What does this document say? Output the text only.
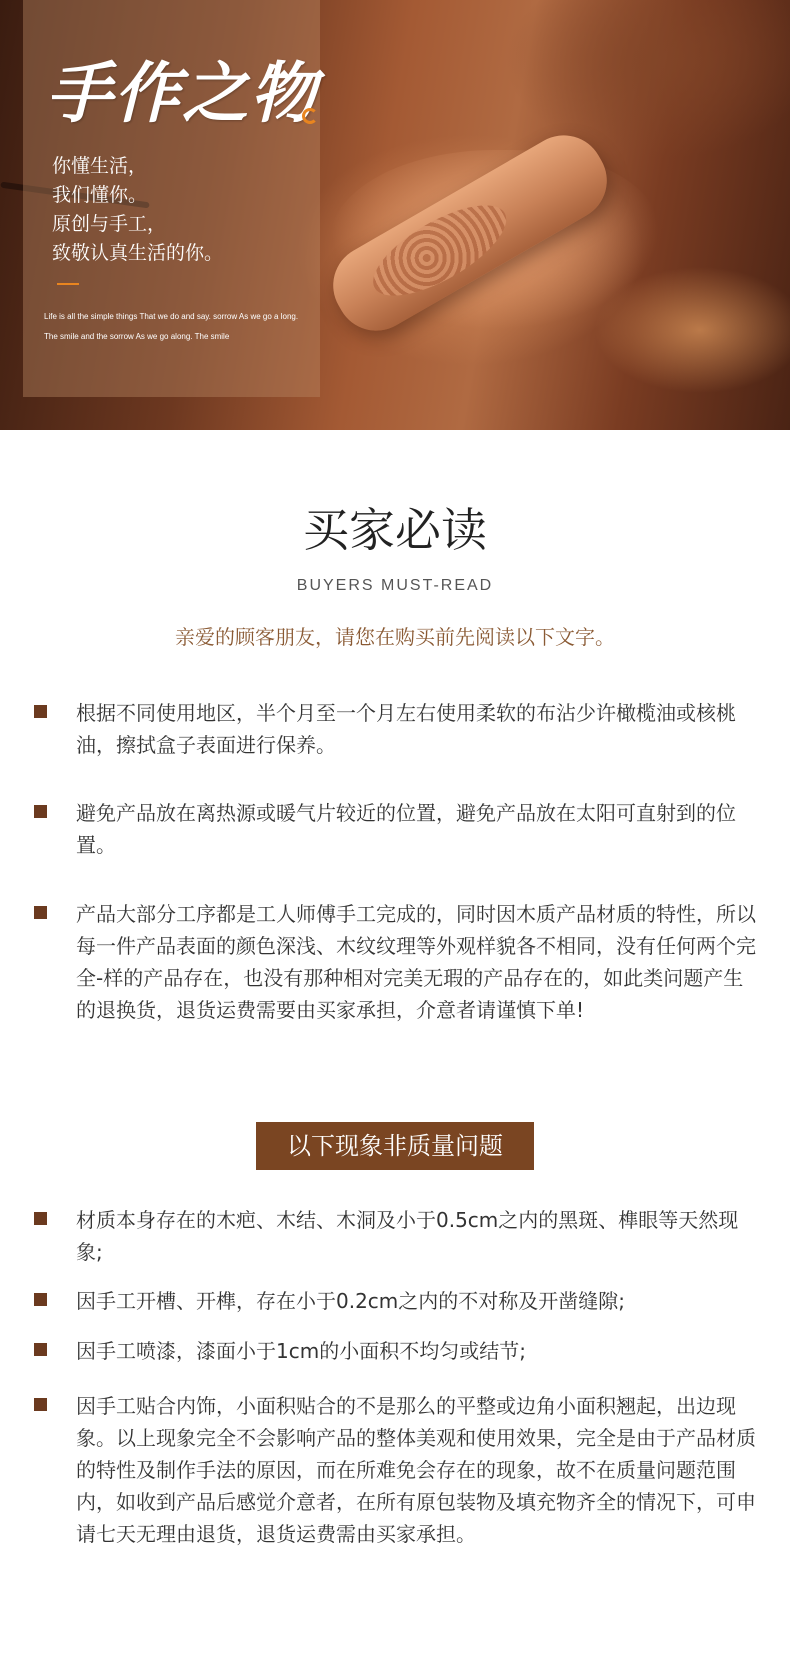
手作之物
你懂生活，
我们懂你。
原创与手工，
致敬认真生活的你。

Life is all the simple things That we do and say. sorrow As we go a long. The smile and the sorrow As we go along. The smile

买家必读
BUYERS MUST-READ
亲爱的顾客朋友，请您在购买前先阅读以下文字。
根据不同使用地区，半个月至一个月左右使用柔软的布沾少许橄榄油或核桃油，擦拭盒子表面进行保养。
避免产品放在离热源或暖气片较近的位置，避免产品放在太阳可直射到的位置。
产品大部分工序都是工人师傅手工完成的，同时因木质产品材质的特性，所以每一件产品表面的颜色深浅、木纹纹理等外观样貌各不相同，没有任何两个完全-样的产品存在，也没有那种相对完美无瑕的产品存在的，如此类问题产生的退换货，退货运费需要由买家承担，介意者请谨慎下单!
以下现象非质量问题
材质本身存在的木疤、木结、木洞及小于0.5cm之内的黑斑、榫眼等天然现象;
因手工开槽、开榫，存在小于0.2cm之内的不对称及开凿缝隙;
因手工喷漆，漆面小于1cm的小面积不均匀或结节;
因手工贴合内饰，小面积贴合的不是那么的平整或边角小面积翘起，出边现象。以上现象完全不会影响产品的整体美观和使用效果，完全是由于产品材质的特性及制作手法的原因，而在所难免会存在的现象，故不在质量问题范围内，如收到产品后感觉介意者，在所有原包装物及填充物齐全的情况下，可申请七天无理由退货，退货运费需由买家承担。
